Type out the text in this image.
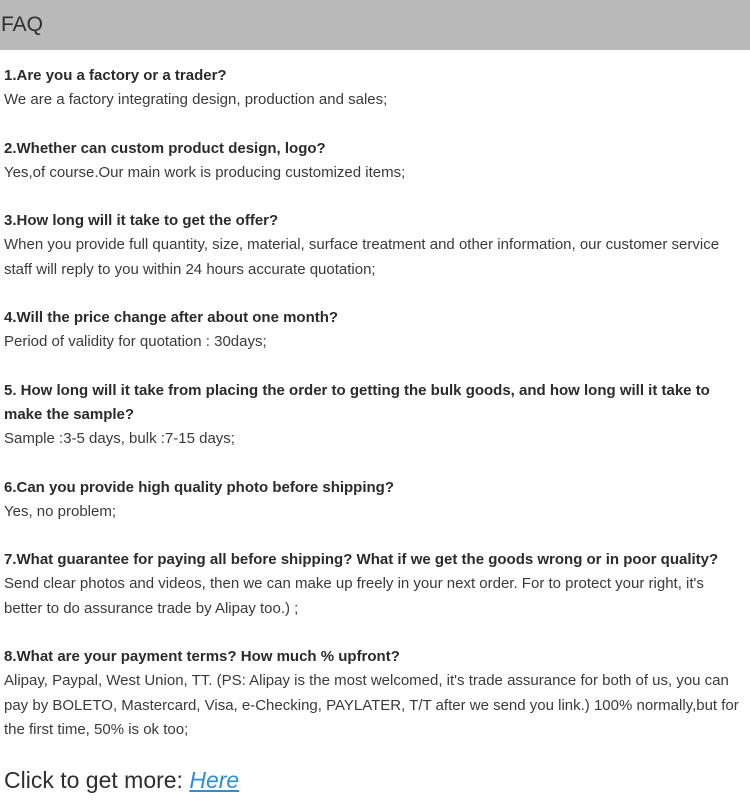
FAQ

1.Are you a factory or a trader?

We are a factory integrating design, production and sales;

2.Whether can custom product design, logo?

Yes,of course.Our main work is producing customized items;

3.How long will it take to get the offer?

When you provide full quantity, size, material, surface treatment and other information, our customer service staff will reply to you within 24 hours accurate quotation;

4.Will the price change after about one month?

Period of validity for quotation : 30days;

5. How long will it take from placing the order to getting the bulk goods, and how long will it take to make the sample?

Sample :3-5 days, bulk :7-15 days;

6.Can you provide high quality photo before shipping?

Yes, no problem;

7.What guarantee for paying all before shipping? What if we get the goods wrong or in poor quality?

Send clear photos and videos, then we can make up freely in your next order. For to protect your right, it's better to do assurance trade by Alipay too.) ;

8.What are your payment terms? How much % upfront?

Alipay, Paypal, West Union, TT. (PS: Alipay is the most welcomed, it's trade assurance for both of us, you can pay by BOLETO, Mastercard, Visa, e-Checking, PAYLATER, T/T after we send you link.) 100% normally,but for the first time, 50% is ok too;

Click to get more: Here
